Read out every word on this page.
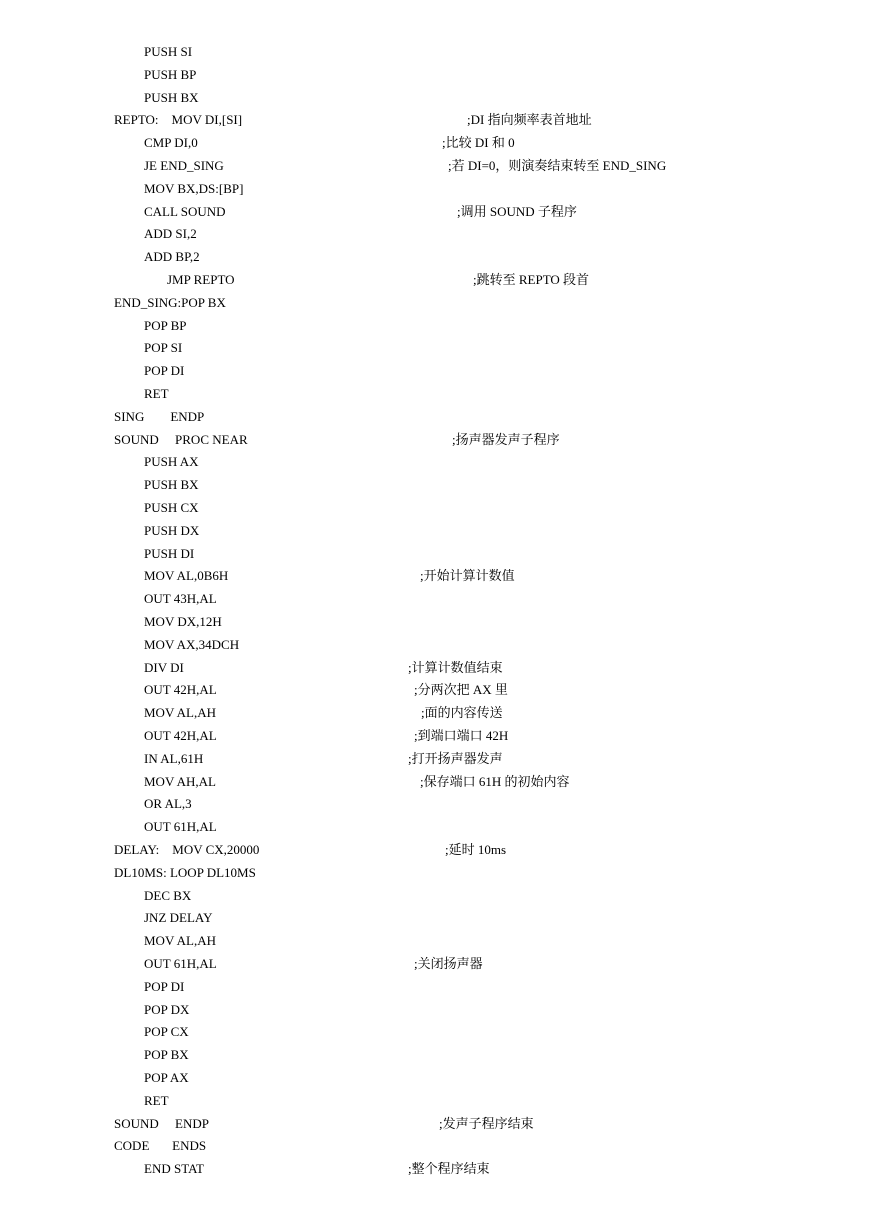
PUSH SI
PUSH BP
PUSH BX
REPTO:    MOV DI,[SI]	;DI 指向频率表首地址
CMP DI,0	;比较 DI 和 0
JE END_SING	;若 DI=0，则演奏结束转至 END_SING
MOV BX,DS:[BP]
CALL SOUND	;调用 SOUND 子程序
ADD SI,2
ADD BP,2
JMP REPTO	;跳转至 REPTO 段首
END_SING:POP BX
POP BP
POP SI
POP DI
RET
SING        ENDP
SOUND     PROC NEAR	;扬声器发声子程序
PUSH AX
PUSH BX
PUSH CX
PUSH DX
PUSH DI
MOV AL,0B6H	;开始计算计数值
OUT 43H,AL
MOV DX,12H
MOV AX,34DCH
DIV DI	;计算计数值结束
OUT 42H,AL	;分两次把 AX 里
MOV AL,AH	;面的内容传送
OUT 42H,AL	;到端口端口 42H
IN AL,61H	;打开扬声器发声
MOV AH,AL	;保存端口 61H 的初始内容
OR AL,3
OUT 61H,AL
DELAY:    MOV CX,20000	;延时 10ms
DL10MS: LOOP DL10MS
DEC BX
JNZ DELAY
MOV AL,AH
OUT 61H,AL	;关闭扬声器
POP DI
POP DX
POP CX
POP BX
POP AX
RET
SOUND     ENDP	;发声子程序结束
CODE       ENDS
END STAT	;整个程序结束
